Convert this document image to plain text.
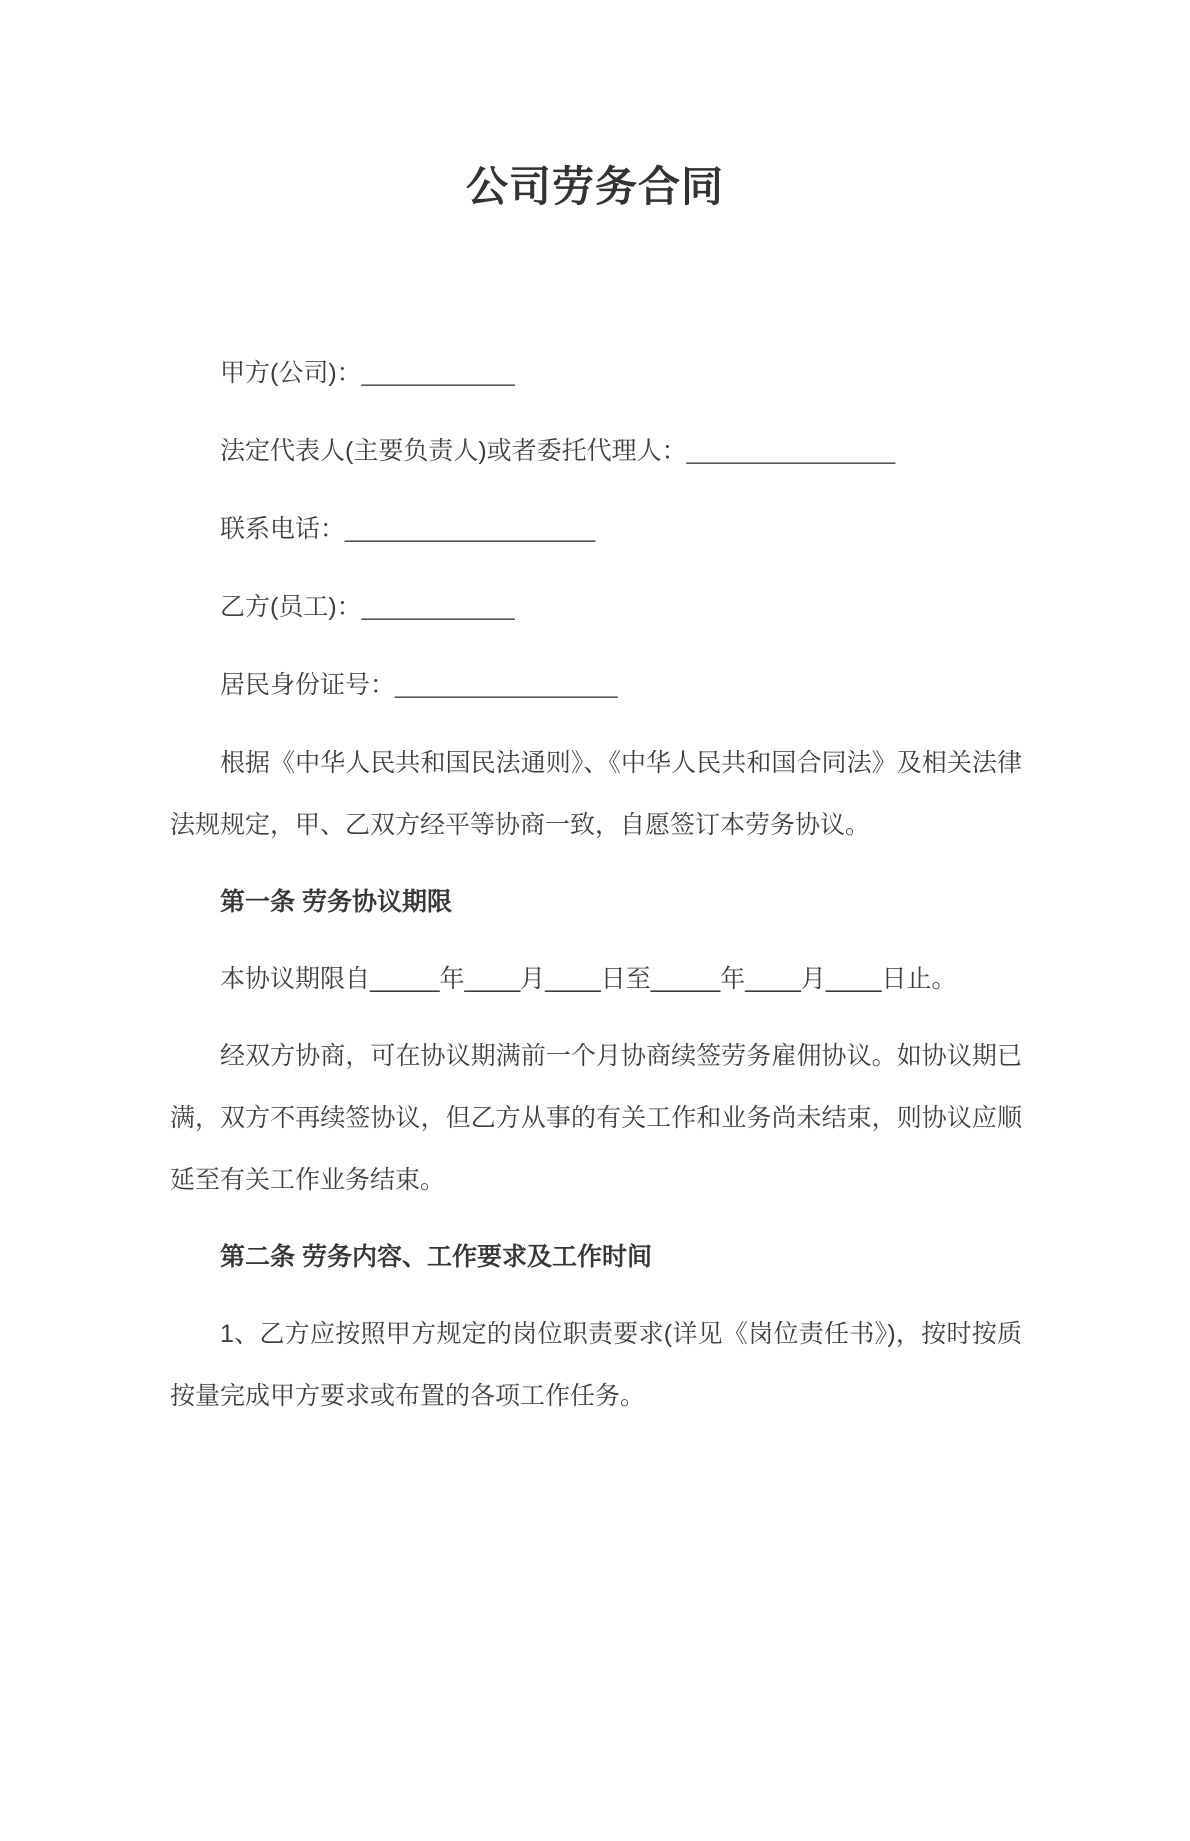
公司劳务合同
甲方(公司)：___________
法定代表人(主要负责人)或者委托代理人：_______________
联系电话：__________________
乙方(员工)：___________
居民身份证号：________________

根据《中华人民共和国民法通则》、《中华人民共和国合同法》及相关法律法规规定，甲、乙双方经平等协商一致，自愿签订本劳务协议。

第一条 劳务协议期限

本协议期限自_____年____月____日至_____年____月____日止。

经双方协商，可在协议期满前一个月协商续签劳务雇佣协议。如协议期已满，双方不再续签协议，但乙方从事的有关工作和业务尚未结束，则协议应顺延至有关工作业务结束。

第二条 劳务内容、工作要求及工作时间

1、乙方应按照甲方规定的岗位职责要求(详见《岗位责任书》)，按时按质按量完成甲方要求或布置的各项工作任务。
